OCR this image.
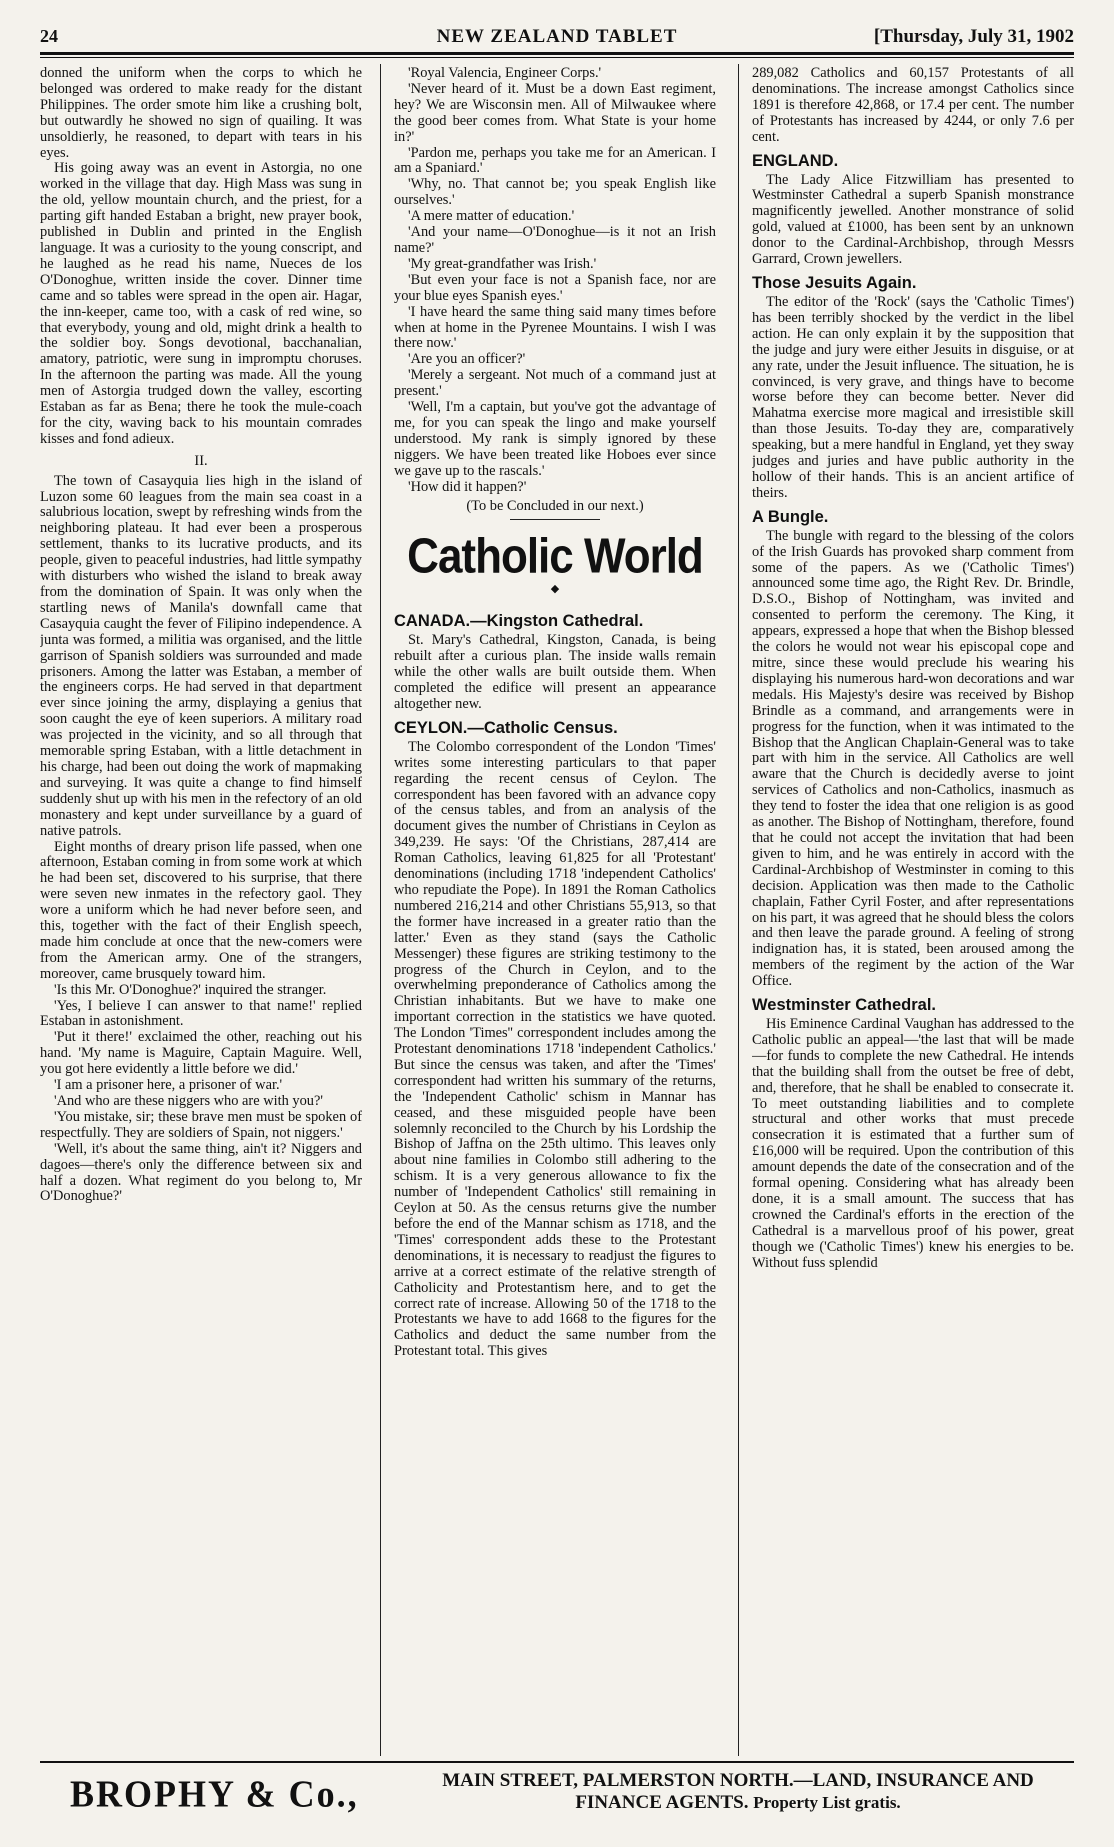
24	NEW ZEALAND TABLET	[Thursday, July 31, 1902

donned the uniform when the corps to which he belonged was ordered to make ready for the distant Philippines. The order smote him like a crushing bolt, but outwardly he showed no sign of quailing. It was unsoldierly, he reasoned, to depart with tears in his eyes.

His going away was an event in Astorgia, no one worked in the village that day. High Mass was sung in the old, yellow mountain church, and the priest, for a parting gift handed Estaban a bright, new prayer book, published in Dublin and printed in the English language. It was a curiosity to the young conscript, and he laughed as he read his name, Nueces de los O'Donoghue, written inside the cover. Dinner time came and so tables were spread in the open air. Hagar, the inn-keeper, came too, with a cask of red wine, so that everybody, young and old, might drink a health to the soldier boy. Songs devotional, bacchanalian, amatory, patriotic, were sung in impromptu choruses. In the afternoon the parting was made. All the young men of Astorgia trudged down the valley, escorting Estaban as far as Bena; there he took the mule-coach for the city, waving back to his mountain comrades kisses and fond adieux.

II.

The town of Casayquia lies high in the island of Luzon some 60 leagues from the main sea coast in a salubrious location, swept by refreshing winds from the neighboring plateau. It had ever been a prosperous settlement, thanks to its lucrative products, and its people, given to peaceful industries, had little sympathy with disturbers who wished the island to break away from the domination of Spain. It was only when the startling news of Manila's downfall came that Casayquia caught the fever of Filipino independence. A junta was formed, a militia was organised, and the little garrison of Spanish soldiers was surrounded and made prisoners. Among the latter was Estaban, a member of the engineers corps. He had served in that department ever since joining the army, displaying a genius that soon caught the eye of keen superiors. A military road was projected in the vicinity, and so all through that memorable spring Estaban, with a little detachment in his charge, had been out doing the work of mapmaking and surveying. It was quite a change to find himself suddenly shut up with his men in the refectory of an old monastery and kept under surveillance by a guard of native patrols.

Eight months of dreary prison life passed, when one afternoon, Estaban coming in from some work at which he had been set, discovered to his surprise, that there were seven new inmates in the refectory gaol. They wore a uniform which he had never before seen, and this, together with the fact of their English speech, made him conclude at once that the new-comers were from the American army. One of the strangers, moreover, came brusquely toward him.

'Is this Mr. O'Donoghue?' inquired the stranger.

'Yes, I believe I can answer to that name!' replied Estaban in astonishment.

'Put it there!' exclaimed the other, reaching out his hand. 'My name is Maguire, Captain Maguire. Well, you got here evidently a little before we did.'

'I am a prisoner here, a prisoner of war.'

'And who are these niggers who are with you?'

'You mistake, sir; these brave men must be spoken of respectfully. They are soldiers of Spain, not niggers.'

'Well, it's about the same thing, ain't it? Niggers and dagoes—there's only the difference between six and half a dozen. What regiment do you belong to, Mr O'Donoghue?'

'Royal Valencia, Engineer Corps.'

'Never heard of it. Must be a down East regiment, hey? We are Wisconsin men. All of Milwaukee where the good beer comes from. What State is your home in?'

'Pardon me, perhaps you take me for an American. I am a Spaniard.'

'Why, no. That cannot be; you speak English like ourselves.'

'A mere matter of education.'

'And your name—O'Donoghue—is it not an Irish name?'

'My great-grandfather was Irish.'

'But even your face is not a Spanish face, nor are your blue eyes Spanish eyes.'

'I have heard the same thing said many times before when at home in the Pyrenee Mountains. I wish I was there now.'

'Are you an officer?'

'Merely a sergeant. Not much of a command just at present.'

'Well, I'm a captain, but you've got the advantage of me, for you can speak the lingo and make yourself understood. My rank is simply ignored by these niggers. We have been treated like Hoboes ever since we gave up to the rascals.'

'How did it happen?'

(To be Concluded in our next.)
Catholic World
◆
CANADA.—Kingston Cathedral.

St. Mary's Cathedral, Kingston, Canada, is being rebuilt after a curious plan. The inside walls remain while the other walls are built outside them. When completed the edifice will present an appearance altogether new.

CEYLON.—Catholic Census.

The Colombo correspondent of the London 'Times' writes some interesting particulars to that paper regarding the recent census of Ceylon. The correspondent has been favored with an advance copy of the census tables, and from an analysis of the document gives the number of Christians in Ceylon as 349,239. He says: 'Of the Christians, 287,414 are Roman Catholics, leaving 61,825 for all 'Protestant' denominations (including 1718 'independent Catholics' who repudiate the Pope). In 1891 the Roman Catholics numbered 216,214 and other Christians 55,913, so that the former have increased in a greater ratio than the latter.' Even as they stand (says the Catholic Messenger) these figures are striking testimony to the progress of the Church in Ceylon, and to the overwhelming preponderance of Catholics among the Christian inhabitants. But we have to make one important correction in the statistics we have quoted. The London 'Times'' correspondent includes among the Protestant denominations 1718 'independent Catholics.' But since the census was taken, and after the 'Times' correspondent had written his summary of the returns, the 'Independent Catholic' schism in Mannar has ceased, and these misguided people have been solemnly reconciled to the Church by his Lordship the Bishop of Jaffna on the 25th ultimo. This leaves only about nine families in Colombo still adhering to the schism. It is a very generous allowance to fix the number of 'Independent Catholics' still remaining in Ceylon at 50. As the census returns give the number before the end of the Mannar schism as 1718, and the 'Times' correspondent adds these to the Protestant denominations, it is necessary to readjust the figures to arrive at a correct estimate of the relative strength of Catholicity and Protestantism here, and to get the correct rate of increase. Allowing 50 of the 1718 to the Protestants we have to add 1668 to the figures for the Catholics and deduct the same number from the Protestant total. This gives

289,082 Catholics and 60,157 Protestants of all denominations. The increase amongst Catholics since 1891 is therefore 42,868, or 17.4 per cent. The number of Protestants has increased by 4244, or only 7.6 per cent.

ENGLAND.

The Lady Alice Fitzwilliam has presented to Westminster Cathedral a superb Spanish monstrance magnificently jewelled. Another monstrance of solid gold, valued at £1000, has been sent by an unknown donor to the Cardinal-Archbishop, through Messrs Garrard, Crown jewellers.

Those Jesuits Again.

The editor of the 'Rock' (says the 'Catholic Times') has been terribly shocked by the verdict in the libel action. He can only explain it by the supposition that the judge and jury were either Jesuits in disguise, or at any rate, under the Jesuit influence. The situation, he is convinced, is very grave, and things have to become worse before they can become better. Never did Mahatma exercise more magical and irresistible skill than those Jesuits. To-day they are, comparatively speaking, but a mere handful in England, yet they sway judges and juries and have public authority in the hollow of their hands. This is an ancient artifice of theirs.

A Bungle.

The bungle with regard to the blessing of the colors of the Irish Guards has provoked sharp comment from some of the papers. As we ('Catholic Times') announced some time ago, the Right Rev. Dr. Brindle, D.S.O., Bishop of Nottingham, was invited and consented to perform the ceremony. The King, it appears, expressed a hope that when the Bishop blessed the colors he would not wear his episcopal cope and mitre, since these would preclude his wearing his displaying his numerous hard-won decorations and war medals. His Majesty's desire was received by Bishop Brindle as a command, and arrangements were in progress for the function, when it was intimated to the Bishop that the Anglican Chaplain-General was to take part with him in the service. All Catholics are well aware that the Church is decidedly averse to joint services of Catholics and non-Catholics, inasmuch as they tend to foster the idea that one religion is as good as another. The Bishop of Nottingham, therefore, found that he could not accept the invitation that had been given to him, and he was entirely in accord with the Cardinal-Archbishop of Westminster in coming to this decision. Application was then made to the Catholic chaplain, Father Cyril Foster, and after representations on his part, it was agreed that he should bless the colors and then leave the parade ground. A feeling of strong indignation has, it is stated, been aroused among the members of the regiment by the action of the War Office.

Westminster Cathedral.

His Eminence Cardinal Vaughan has addressed to the Catholic public an appeal—'the last that will be made—for funds to complete the new Cathedral. He intends that the building shall from the outset be free of debt, and, therefore, that he shall be enabled to consecrate it. To meet outstanding liabilities and to complete structural and other works that must precede consecration it is estimated that a further sum of £16,000 will be required. Upon the contribution of this amount depends the date of the consecration and of the formal opening. Considering what has already been done, it is a small amount. The success that has crowned the Cardinal's efforts in the erection of the Cathedral is a marvellous proof of his power, great though we ('Catholic Times') knew his energies to be. Without fuss splendid

BROPHY & Co.,	MAIN STREET, PALMERSTON NORTH.—LAND, INSURANCE AND
FINANCE AGENTS. Property List gratis.
